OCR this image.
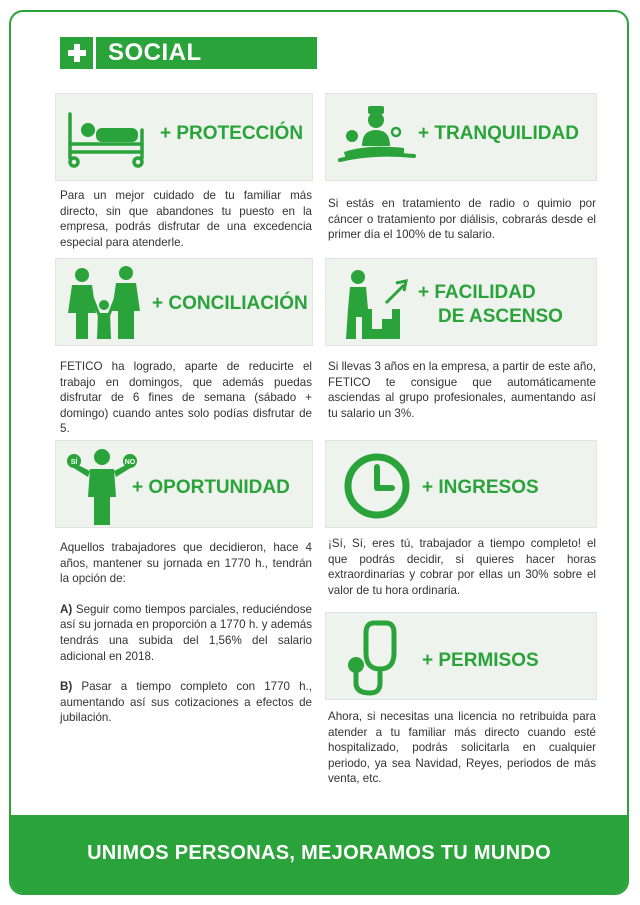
UNIMOS PERSONAS, MEJORAMOS TU MUNDO
SOCIAL
+ PROTECCIÓN
Para un mejor cuidado de tu familiar más directo, sin que abandones tu puesto en la empresa, podrás disfrutar de una excedencia especial para atenderle.
+ TRANQUILIDAD
Si estás en tratamiento de radio o quimio por cáncer o tratamiento por diálisis, cobrarás desde el primer día el 100% de tu salario.
+ CONCILIACIÓN
FETICO ha logrado, aparte de reducirte el trabajo en domingos, que además puedas disfrutar de 6 fines de semana (sábado + domingo) cuando antes solo podías disfrutar de 5.
+ FACILIDAD
DE ASCENSO
Si llevas 3 años en la empresa, a partir de este año, FETICO te consigue que automáticamente asciendas al grupo profesionales, aumentando así tu salario un 3%.
SÍ	NO
+ OPORTUNIDAD

Aquellos trabajadores que decidieron, hace 4 años, mantener su jornada en 1770 h., tendrán la opción de:

A) Seguir como tiempos parciales, reduciéndose así su jornada en proporción a 1770 h. y además tendrás una subida del 1,56% del salario adicional en 2018.

B) Pasar a tiempo completo con 1770 h., aumentando así sus cotizaciones a efectos de jubilación.

+ INGRESOS
¡Sí, Sí, eres tú, trabajador a tiempo completo! el que podrás decidir, si quieres hacer horas extraordinarias y cobrar por ellas un 30% sobre el valor de tu hora ordinaria.
+ PERMISOS
Ahora, si necesitas una licencia no retribuida para atender a tu familiar más directo cuando esté hospitalizado, podrás solicitarla en cualquier periodo, ya sea Navidad, Reyes, periodos de más venta, etc.
